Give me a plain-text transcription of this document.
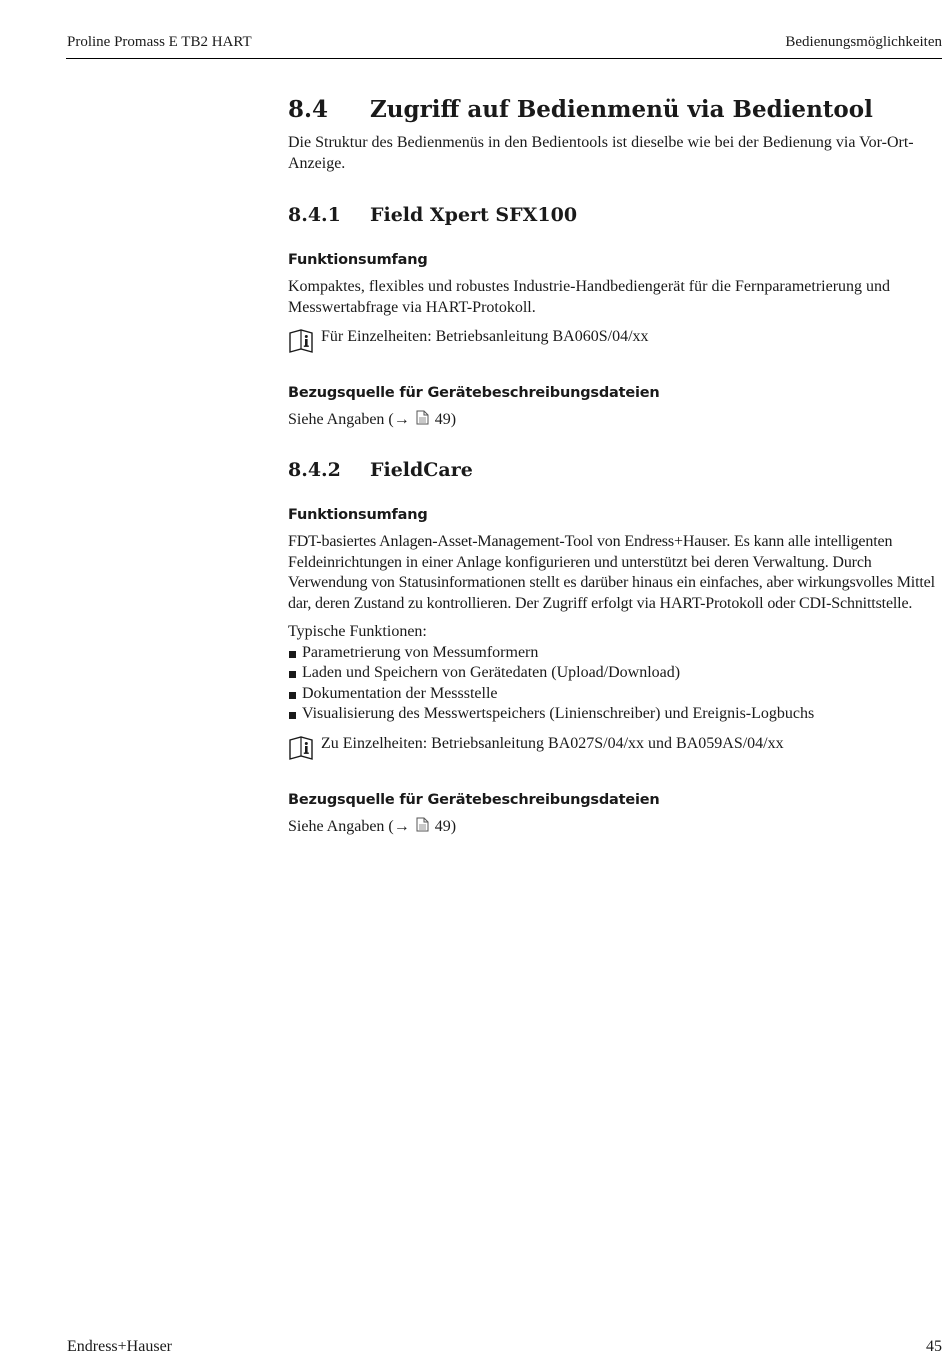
Proline Promass E TB2 HART	Bedienungsmöglichkeiten
8.4	Zugriff auf Bedienmenü via Bedientool

Die Struktur des Bedienmenüs in den Bedientools ist dieselbe wie bei der Bedienung via Vor-Ort-Anzeige.

8.4.1	Field Xpert SFX100
Funktionsumfang

Kompaktes, flexibles und robustes Industrie-Handbediengerät für die Fernparametrierung und Messwertabfrage via HART-Protokoll.

Für Einzelheiten: Betriebsanleitung BA060S/04/xx
Bezugsquelle für Gerätebeschreibungsdateien
Siehe Angaben (→ 49)
8.4.2	FieldCare
Funktionsumfang

FDT-basiertes Anlagen-Asset-Management-Tool von Endress+Hauser. Es kann alle intelligenten Feldeinrichtungen in einer Anlage konfigurieren und unterstützt bei deren Verwaltung. Durch Verwendung von Statusinformationen stellt es darüber hinaus ein einfaches, aber wirkungsvolles Mittel dar, deren Zustand zu kontrollieren. Der Zugriff erfolgt via HART-Protokoll oder CDI-Schnittstelle.

Typische Funktionen:

Parametrierung von Messumformern
Laden und Speichern von Gerätedaten (Upload/Download)
Dokumentation der Messstelle
Visualisierung des Messwertspeichers (Linienschreiber) und Ereignis-Logbuchs
Zu Einzelheiten: Betriebsanleitung BA027S/04/xx und BA059AS/04/xx
Bezugsquelle für Gerätebeschreibungsdateien
Siehe Angaben (→ 49)
Endress+Hauser	45
